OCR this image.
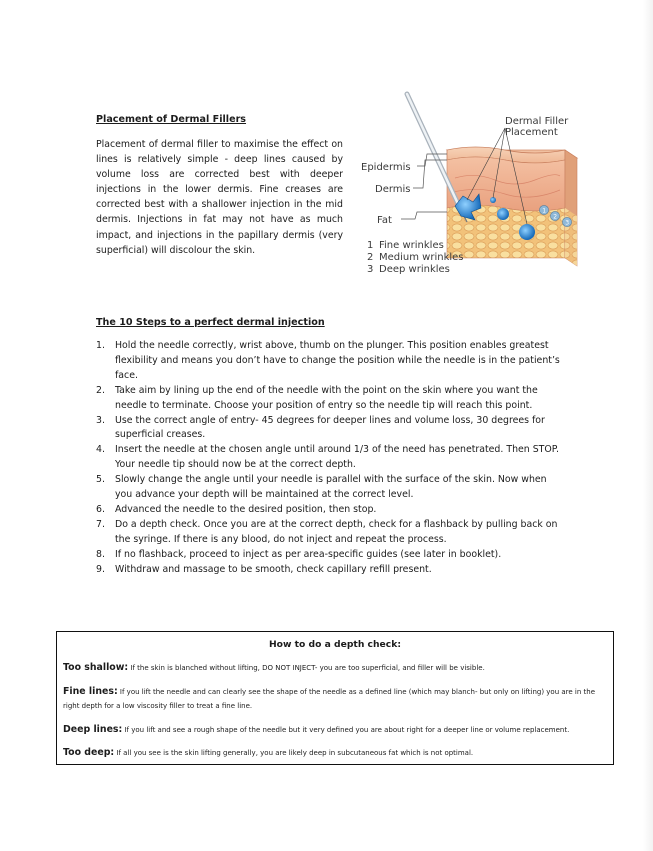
Placement of Dermal Fillers

Placement of dermal filler to maximise the effect on lines is relatively simple - deep lines caused by volume loss are corrected best with deeper injections in the lower dermis. Fine creases are corrected best with a shallower injection in the mid dermis. Injections in fat may not have as much impact, and injections in the papillary dermis (very superficial) will discolour the skin.

1
2
3
Dermal Filler
Placement
Epidermis
Dermis
Fat
1 Fine wrinkles
2 Medium wrinkles
3 Deep wrinkles
The 10 Steps to a perfect dermal injection
1. Hold the needle correctly, wrist above, thumb on the plunger. This position enables greatest flexibility and means you don’t have to change the position while the needle is in the patient’s face.
2. Take aim by lining up the end of the needle with the point on the skin where you want the needle to terminate. Choose your position of entry so the needle tip will reach this point.
3. Use the correct angle of entry- 45 degrees for deeper lines and volume loss, 30 degrees for superficial creases.
4. Insert the needle at the chosen angle until around 1/3 of the need has penetrated. Then STOP. Your needle tip should now be at the correct depth.
5. Slowly change the angle until your needle is parallel with the surface of the skin. Now when you advance your depth will be maintained at the correct level.
6. Advanced the needle to the desired position, then stop.
7. Do a depth check. Once you are at the correct depth, check for a flashback by pulling back on the syringe. If there is any blood, do not inject and repeat the process.
8. If no flashback, proceed to inject as per area-specific guides (see later in booklet).
9. Withdraw and massage to be smooth, check capillary refill present.
How to do a depth check:
Too shallow: If the skin is blanched without lifting, DO NOT INJECT- you are too superficial, and filler will be visible.
Fine lines: If you lift the needle and can clearly see the shape of the needle as a defined line (which may blanch- but only on lifting) you are in the right depth for a low viscosity filler to treat a fine line.
Deep lines: If you lift and see a rough shape of the needle but it very defined you are about right for a deeper line or volume replacement.
Too deep: If all you see is the skin lifting generally, you are likely deep in subcutaneous fat which is not optimal.
